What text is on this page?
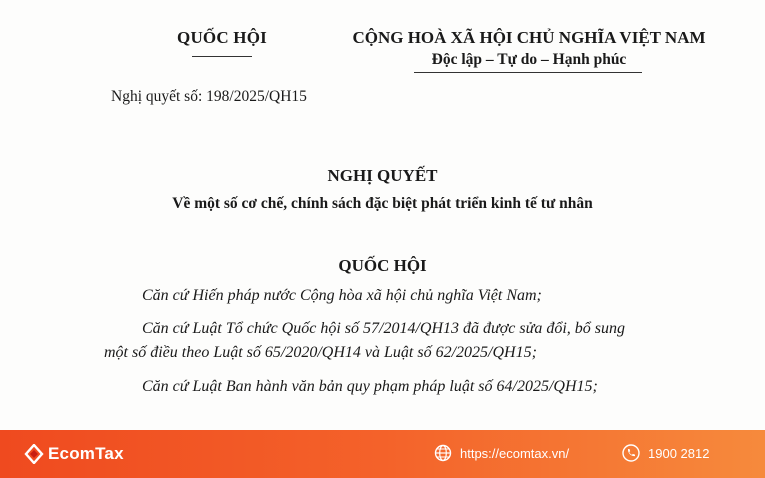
QUỐC HỘI	CỘNG HOÀ XÃ HỘI CHỦ NGHĨA VIỆT NAM
Độc lập – Tự do – Hạnh phúc
Nghị quyết số: 198/2025/QH15
NGHỊ QUYẾT
Về một số cơ chế, chính sách đặc biệt phát triển kinh tế tư nhân
QUỐC HỘI
Căn cứ Hiến pháp nước Cộng hòa xã hội chủ nghĩa Việt Nam;
Căn cứ Luật Tổ chức Quốc hội số 57/2014/QH13 đã được sửa đổi, bổ sung
một số điều theo Luật số 65/2020/QH14 và Luật số 62/2025/QH15;
Căn cứ Luật Ban hành văn bản quy phạm pháp luật số 64/2025/QH15;
EcomTax	https://ecomtax.vn/	1900 2812
